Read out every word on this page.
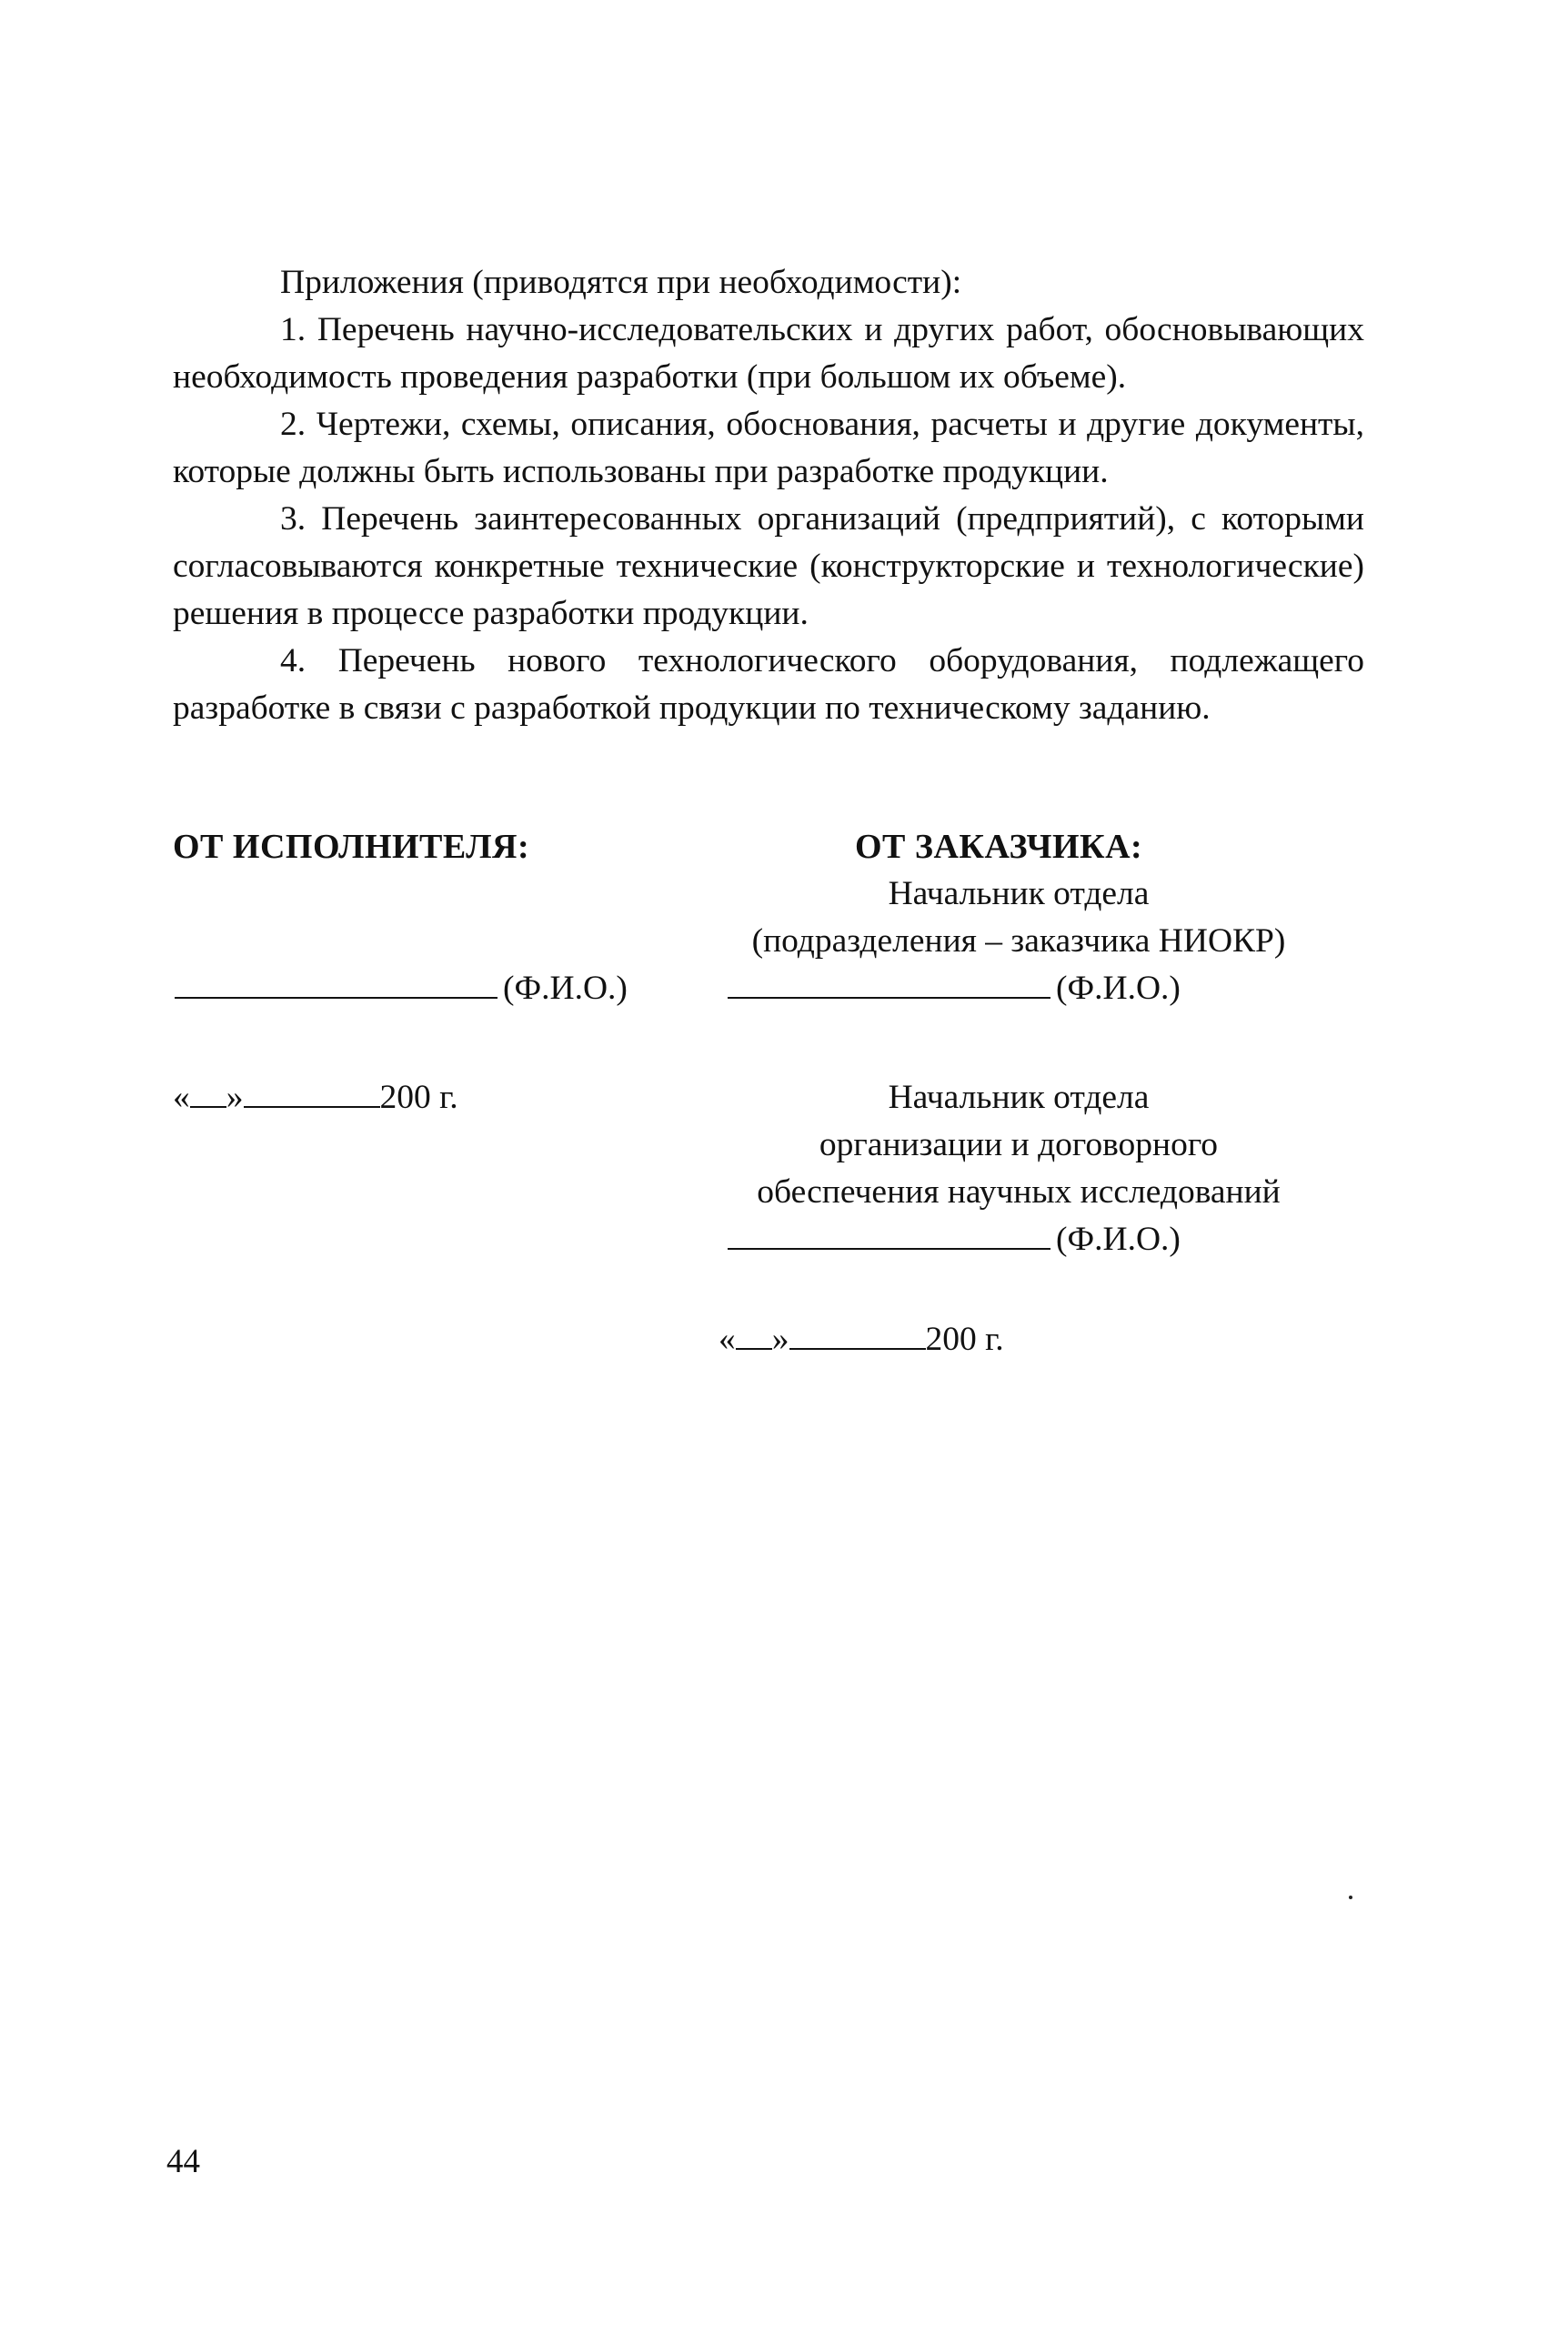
Приложения (приводятся при необходимости):

1. Перечень научно-исследовательских и других работ, обосновывающих необходимость проведения разработки (при большом их объеме).

2. Чертежи, схемы, описания, обоснования, расчеты и другие документы, которые должны быть использованы при разработке продукции.

3. Перечень заинтересованных организаций (предприятий), с которыми согласовываются конкретные технические (конструкторские и технологические) решения в процессе разработки продукции.

4. Перечень нового технологического оборудования, подлежащего разработке в связи с разработкой продукции по техническому заданию.

ОТ ИСПОЛНИТЕЛЯ:
(Ф.И.О.)
« »	200 г.
ОТ ЗАКАЗЧИКА:
Начальник отдела
(подразделения – заказчика НИОКР)
(Ф.И.О.)
Начальник отдела
организации и договорного
обеспечения научных исследований
(Ф.И.О.)
« »	200 г.
44
